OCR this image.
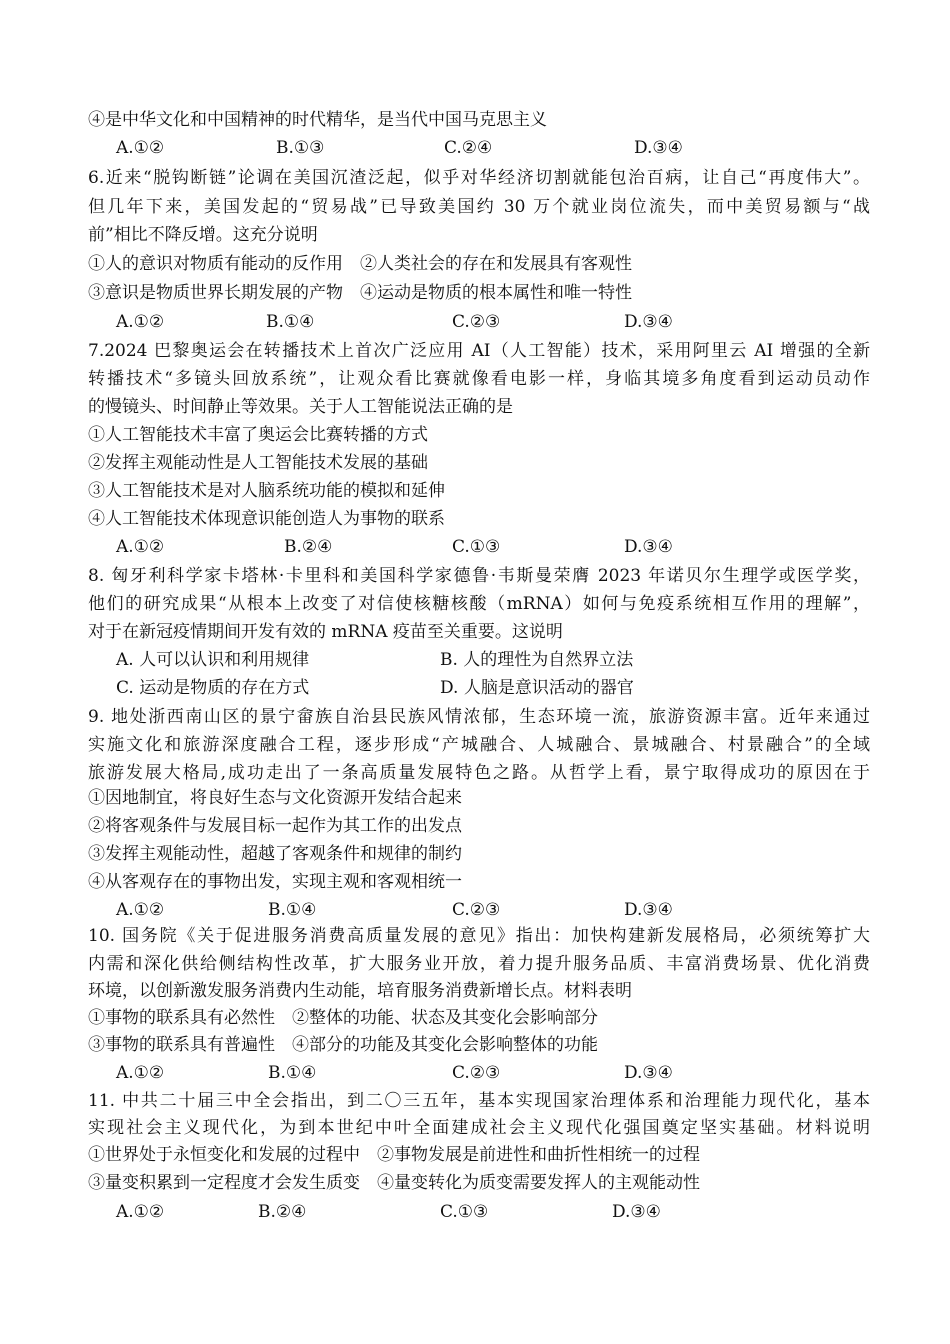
④是中华文化和中国精神的时代精华，是当代中国马克思主义
A.①②	B.①③	C.②④	D.③④
6.近来“脱钩断链”论调在美国沉渣泛起，似乎对华经济切割就能包治百病，让自己“再度伟大”。
但几年下来，美国发起的“贸易战”已导致美国约 30 万个就业岗位流失，而中美贸易额与“战
前”相比不降反增。这充分说明
①人的意识对物质有能动的反作用　②人类社会的存在和发展具有客观性
③意识是物质世界长期发展的产物　④运动是物质的根本属性和唯一特性
A.①②	B.①④	C.②③	D.③④
7.2024 巴黎奥运会在转播技术上首次广泛应用 AI（人工智能）技术，采用阿里云 AI 增强的全新
转播技术“多镜头回放系统”，让观众看比赛就像看电影一样，身临其境多角度看到运动员动作
的慢镜头、时间静止等效果。关于人工智能说法正确的是
①人工智能技术丰富了奥运会比赛转播的方式
②发挥主观能动性是人工智能技术发展的基础
③人工智能技术是对人脑系统功能的模拟和延伸
④人工智能技术体现意识能创造人为事物的联系
A.①②	B.②④	C.①③	D.③④
8. 匈牙利科学家卡塔林·卡里科和美国科学家德鲁·韦斯曼荣膺 2023 年诺贝尔生理学或医学奖，
他们的研究成果“从根本上改变了对信使核糖核酸（mRNA）如何与免疫系统相互作用的理解”，
对于在新冠疫情期间开发有效的 mRNA 疫苗至关重要。这说明
A. 人可以认识和利用规律	B. 人的理性为自然界立法
C. 运动是物质的存在方式	D. 人脑是意识活动的器官
9. 地处浙西南山区的景宁畲族自治县民族风情浓郁，生态环境一流，旅游资源丰富。近年来通过
实施文化和旅游深度融合工程，逐步形成“产城融合、人城融合、景城融合、村景融合”的全域
旅游发展大格局,成功走出了一条高质量发展特色之路。从哲学上看，景宁取得成功的原因在于
①因地制宜，将良好生态与文化资源开发结合起来
②将客观条件与发展目标一起作为其工作的出发点
③发挥主观能动性，超越了客观条件和规律的制约
④从客观存在的事物出发，实现主观和客观相统一
A.①②	B.①④	C.②③	D.③④
10. 国务院《关于促进服务消费高质量发展的意见》指出：加快构建新发展格局，必须统筹扩大
内需和深化供给侧结构性改革，扩大服务业开放，着力提升服务品质、丰富消费场景、优化消费
环境，以创新激发服务消费内生动能，培育服务消费新增长点。材料表明
①事物的联系具有必然性　②整体的功能、状态及其变化会影响部分
③事物的联系具有普遍性　④部分的功能及其变化会影响整体的功能
A.①②	B.①④	C.②③	D.③④
11. 中共二十届三中全会指出，到二〇三五年，基本实现国家治理体系和治理能力现代化，基本
实现社会主义现代化，为到本世纪中叶全面建成社会主义现代化强国奠定坚实基础。材料说明
①世界处于永恒变化和发展的过程中　②事物发展是前进性和曲折性相统一的过程
③量变积累到一定程度才会发生质变　④量变转化为质变需要发挥人的主观能动性
A.①②	B.②④	C.①③	D.③④
